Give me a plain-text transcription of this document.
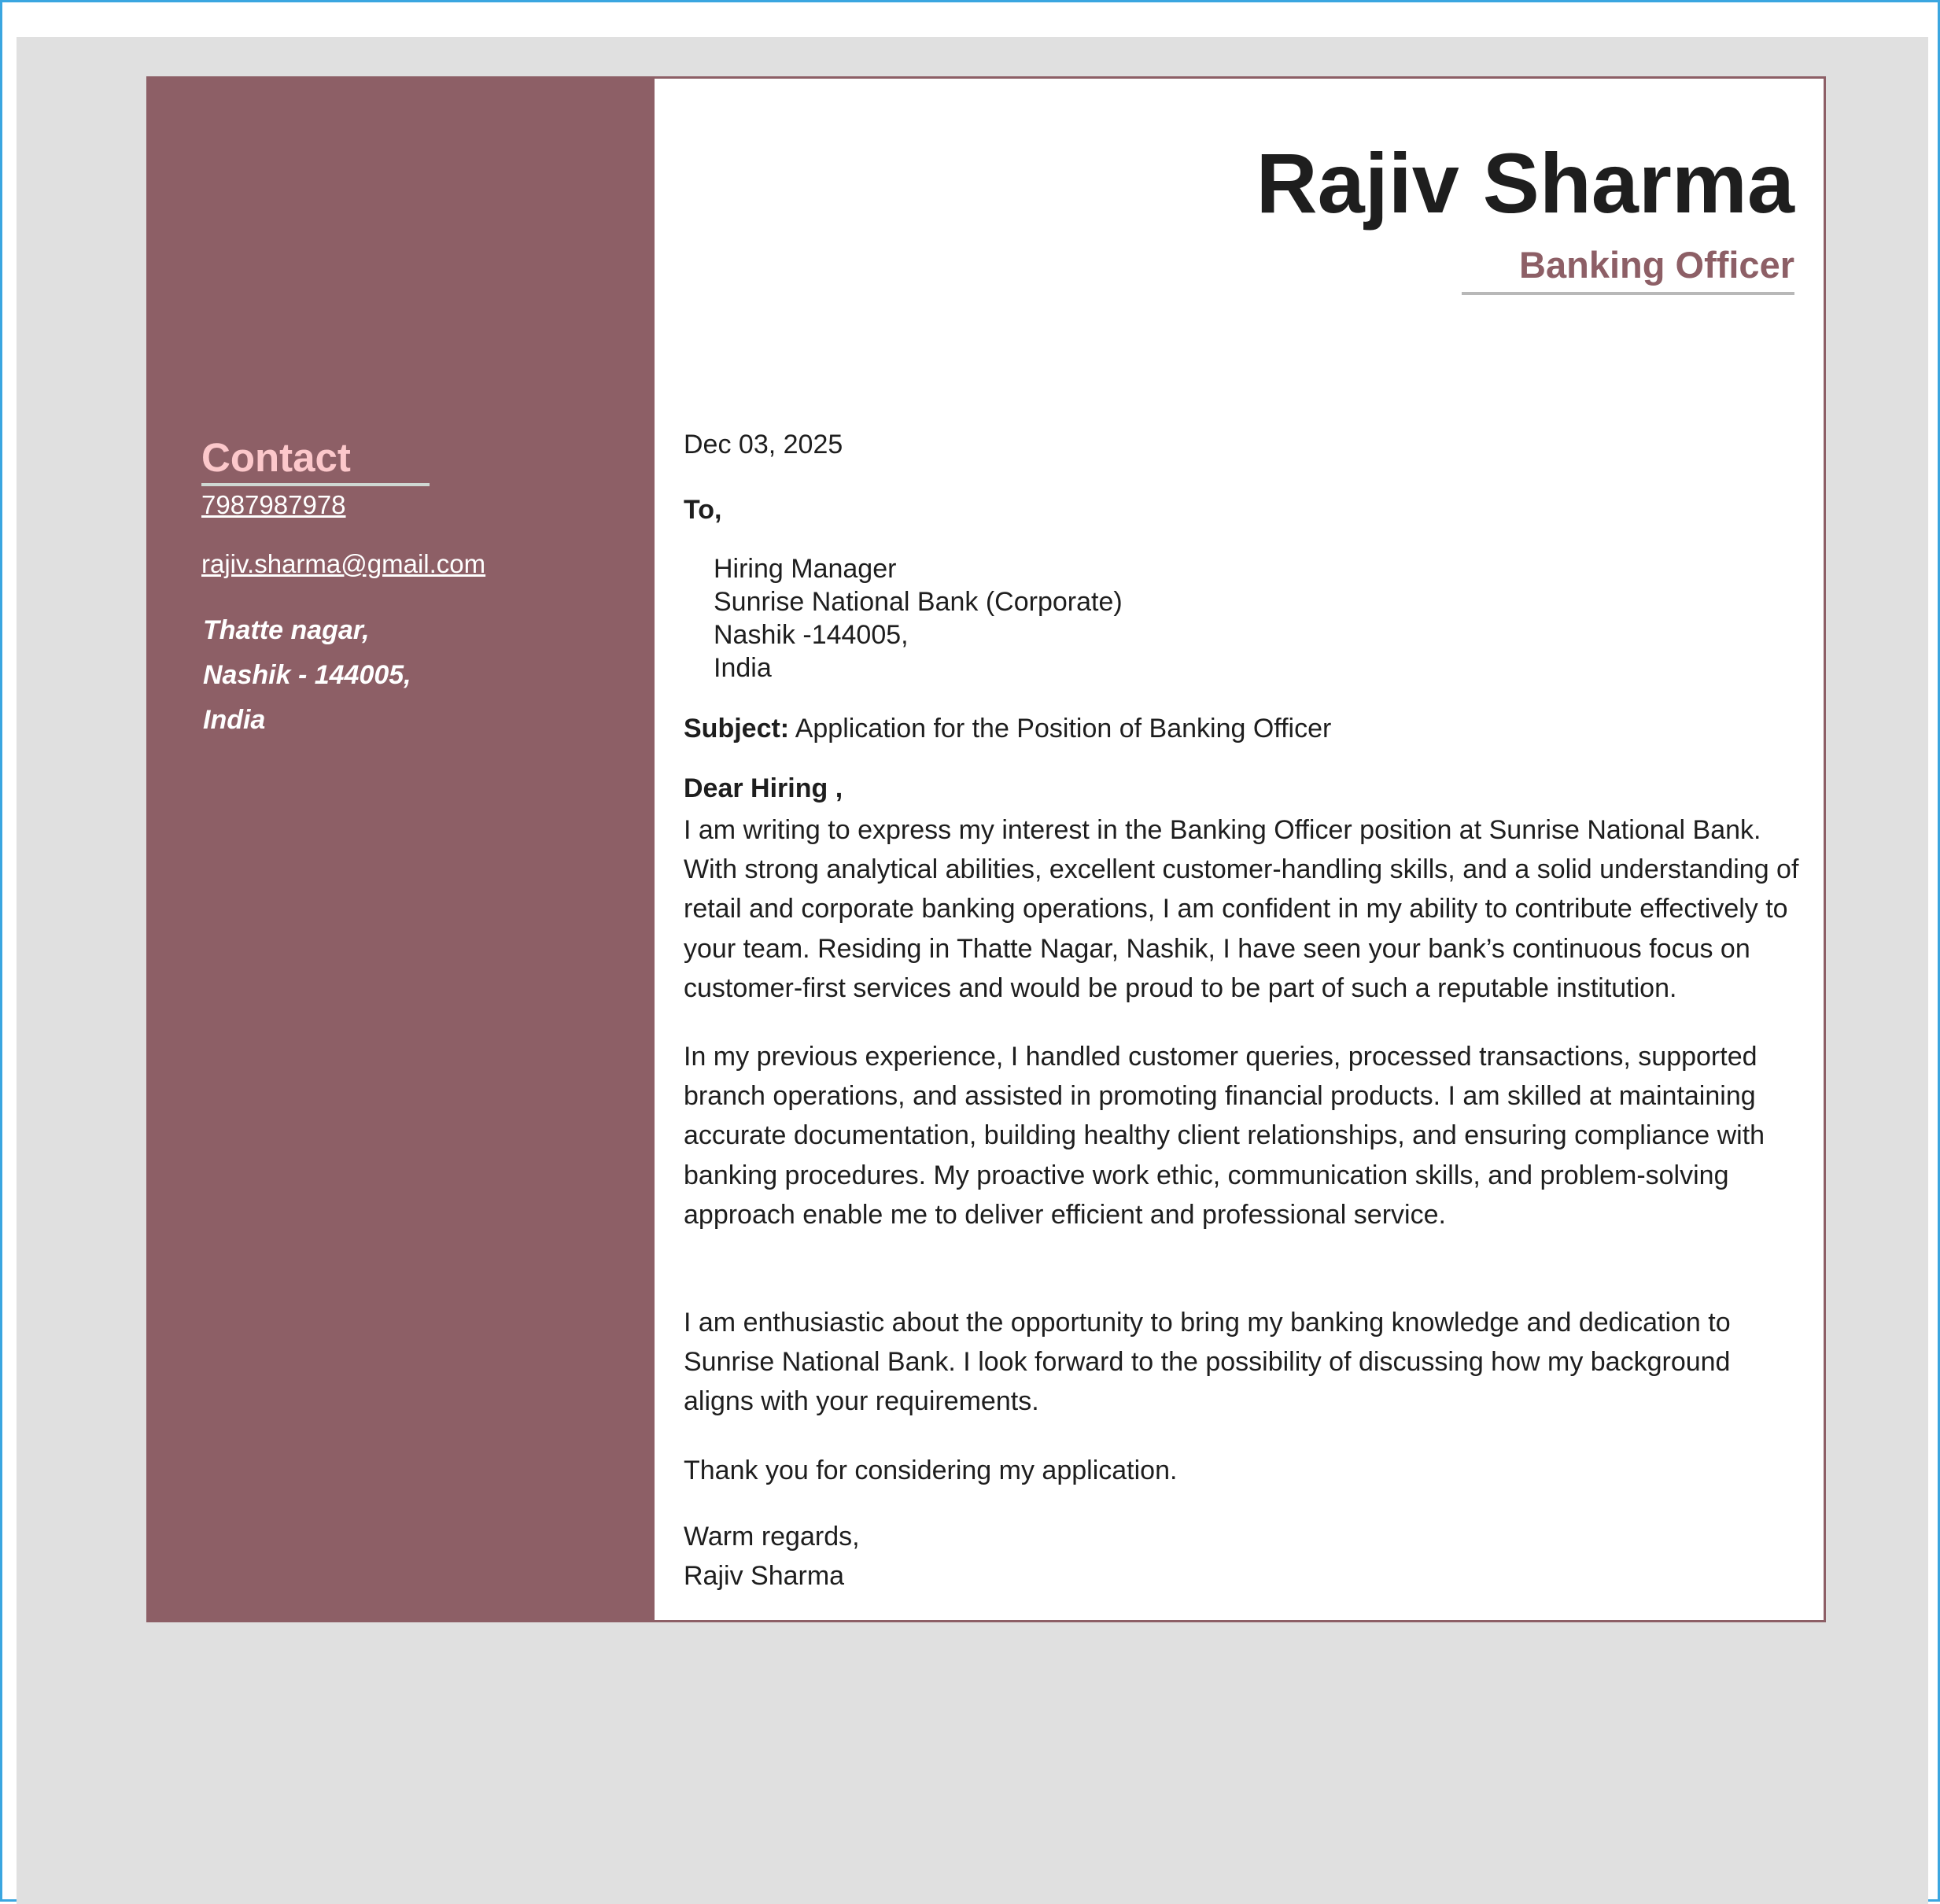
Contact
7987987978
rajiv.sharma@gmail.com
Thatte nagar,
Nashik - 144005,
India
Rajiv Sharma
Banking Officer
Dec 03, 2025
To,
Hiring Manager
Sunrise National Bank (Corporate)
Nashik -144005,
India
Subject: Application for the Position of Banking Officer
Dear Hiring ,
I am writing to express my interest in the Banking Officer position at Sunrise National Bank. With strong analytical abilities, excellent customer-handling skills, and a solid understanding of retail and corporate banking operations, I am confident in my ability to contribute effectively to your team. Residing in Thatte Nagar, Nashik, I have seen your bank’s continuous focus on customer-first services and would be proud to be part of such a reputable institution.
In my previous experience, I handled customer queries, processed transactions, supported branch operations, and assisted in promoting financial products. I am skilled at maintaining accurate documentation, building healthy client relationships, and ensuring compliance with banking procedures. My proactive work ethic, communication skills, and problem-solving approach enable me to deliver efficient and professional service.
I am enthusiastic about the opportunity to bring my banking knowledge and dedication to Sunrise National Bank. I look forward to the possibility of discussing how my background aligns with your requirements.
Thank you for considering my application.
Warm regards,
Rajiv Sharma
